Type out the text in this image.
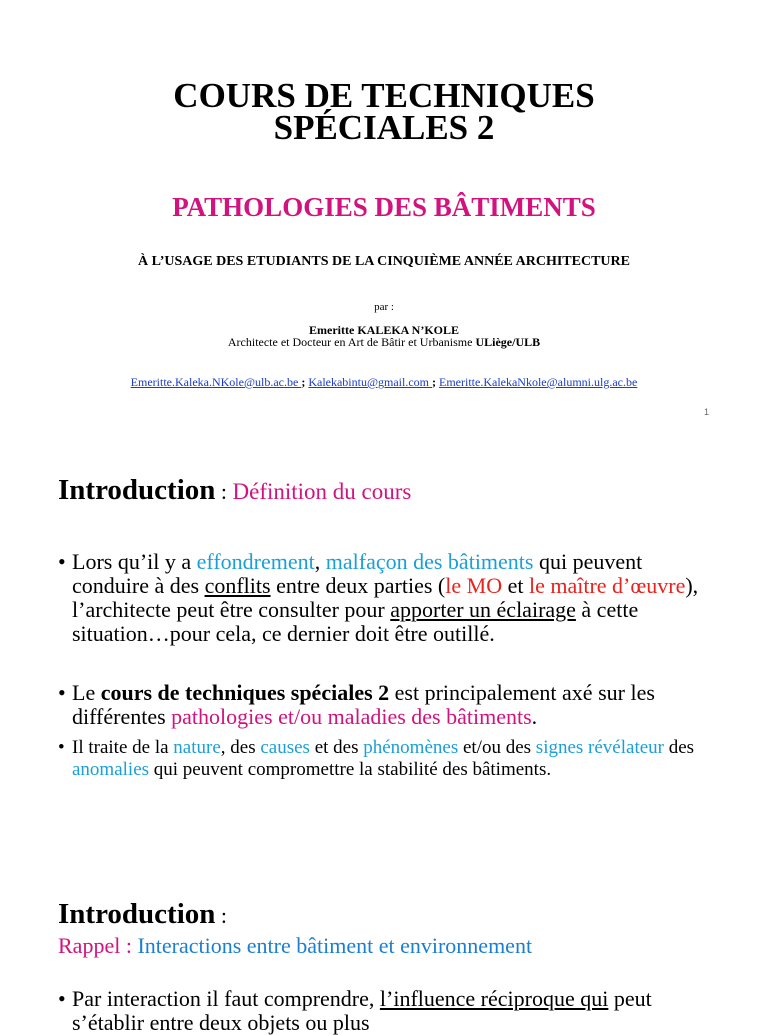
COURS DE TECHNIQUES
SPÉCIALES 2
PATHOLOGIES DES BÂTIMENTS
À L’USAGE DES ETUDIANTS DE LA CINQUIÈME ANNÉE ARCHITECTURE
par :
Emeritte KALEKA N’KOLE
Architecte et Docteur en Art de Bâtir et Urbanisme ULiège/ULB
Emeritte.Kaleka.NKole@ulb.ac.be ; Kalekabintu@gmail.com ; Emeritte.KalekaNkole@alumni.ulg.ac.be
1
Introduction : Définition du cours
• Lors qu’il y a effondrement, malfaçon des bâtiments qui peuvent conduire à des conflits entre deux parties (le MO et le maître d’œuvre), l’architecte peut être consulter pour apporter un éclairage à cette situation…pour cela, ce dernier doit être outillé.
• Le cours de techniques spéciales 2 est principalement axé sur les différentes pathologies et/ou maladies des bâtiments.
• Il traite de la nature, des causes et des phénomènes et/ou des signes révélateur des anomalies qui peuvent compromettre la stabilité des bâtiments.
Introduction :
Rappel : Interactions entre bâtiment et environnement
• Par interaction il faut comprendre, l’influence réciproque qui peut s’établir entre deux objets ou plus
